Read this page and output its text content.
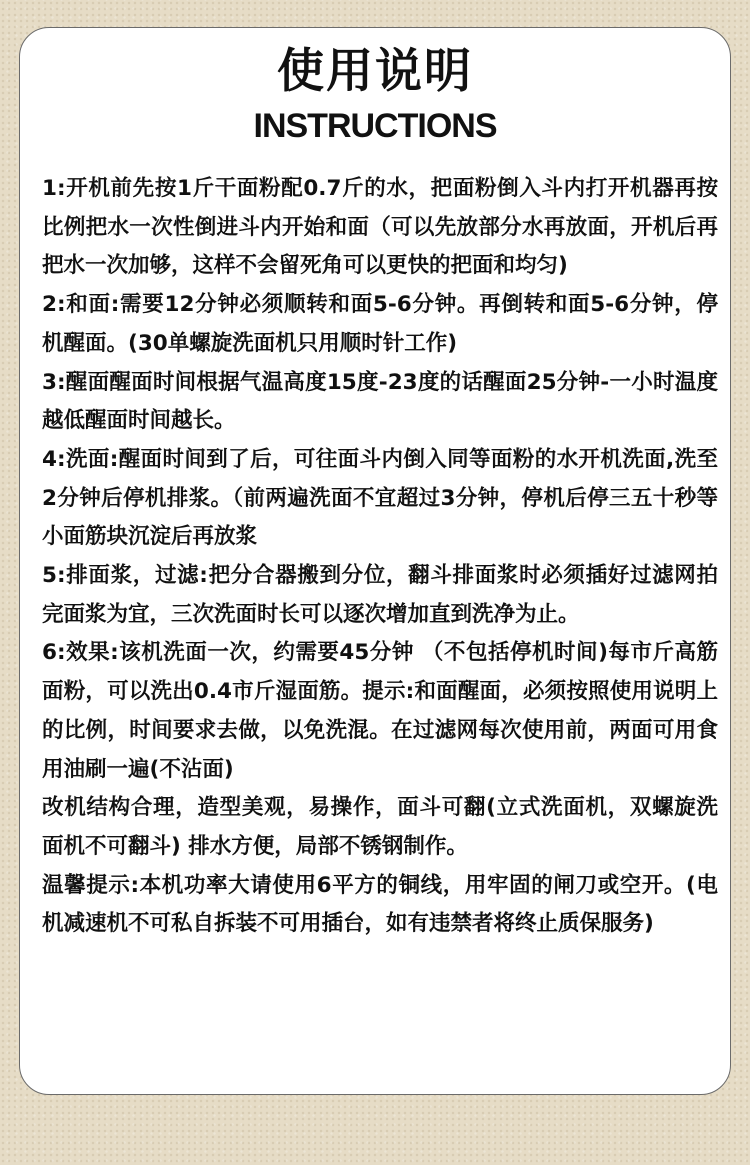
使用说明
INSTRUCTIONS

1:开机前先按1斤干面粉配0.7斤的水，把面粉倒入斗内打开机器再按比例把水一次性倒进斗内开始和面（可以先放部分水再放面，开机后再把水一次加够，这样不会留死角可以更快的把面和均匀)

2:和面:需要12分钟必须顺转和面5-6分钟。再倒转和面5-6分钟，停机醒面。(30单螺旋洗面机只用顺时针工作)

3:醒面醒面时间根据气温高度15度-23度的话醒面25分钟-一小时温度越低醒面时间越长。

4:洗面:醒面时间到了后，可往面斗内倒入同等面粉的水开机洗面,洗至2分钟后停机排浆。（前两遍洗面不宜超过3分钟，停机后停三五十秒等小面筋块沉淀后再放浆

5:排面浆，过滤:把分合器搬到分位，翻斗排面浆时必须插好过滤网拍完面浆为宜，三次洗面时长可以逐次增加直到洗净为止。

6:效果:该机洗面一次，约需要45分钟 （不包括停机时间)每市斤高筋面粉，可以洗出0.4市斤湿面筋。提示:和面醒面，必须按照使用说明上的比例，时间要求去做，以免洗混。在过滤网每次使用前，两面可用食用油刷一遍(不沾面)

改机结构合理，造型美观，易操作，面斗可翻(立式洗面机，双螺旋洗面机不可翻斗) 排水方便，局部不锈钢制作。

温馨提示:本机功率大请使用6平方的铜线，用牢固的闸刀或空开。(电机减速机不可私自拆装不可用插台，如有违禁者将终止质保服务)
